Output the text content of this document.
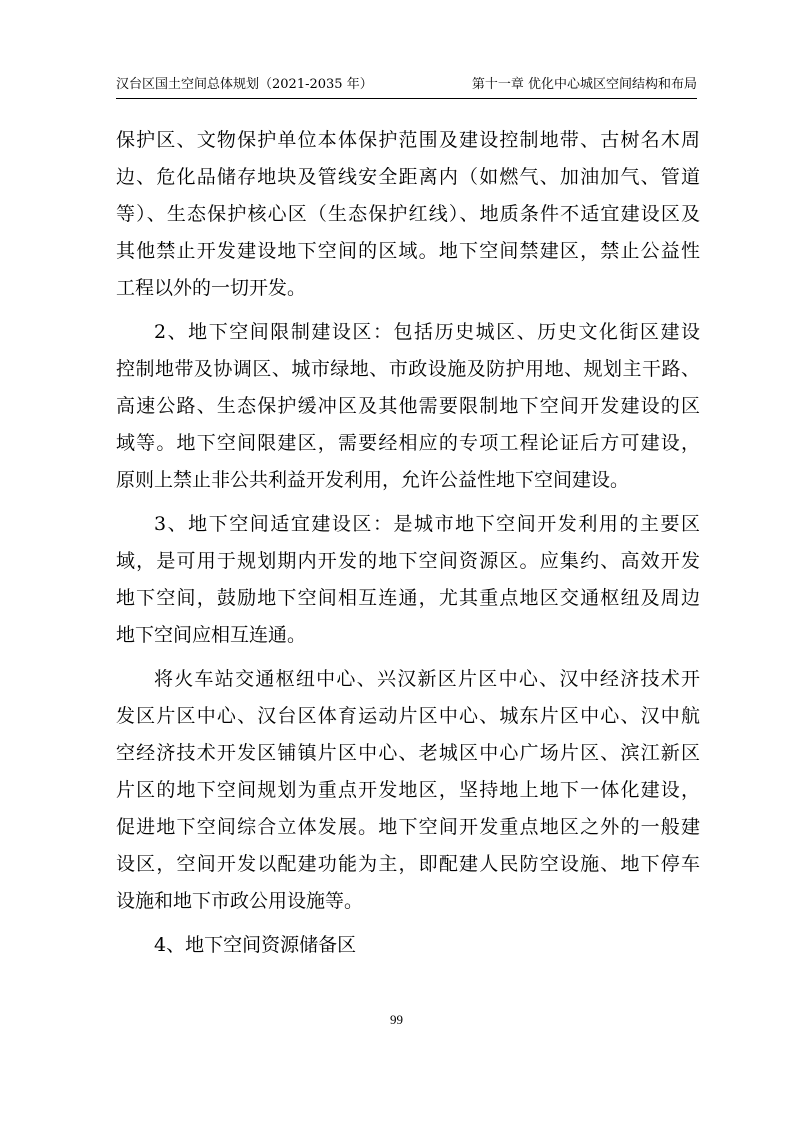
汉台区国土空间总体规划（2021-2035 年）	第十一章 优化中心城区空间结构和布局
保护区、文物保护单位本体保护范围及建设控制地带、古树名木周
边、危化品储存地块及管线安全距离内（如燃气、加油加气、管道
等）、生态保护核心区（生态保护红线）、地质条件不适宜建设区及
其他禁止开发建设地下空间的区域。地下空间禁建区，禁止公益性
工程以外的一切开发。
2、地下空间限制建设区：包括历史城区、历史文化街区建设
控制地带及协调区、城市绿地、市政设施及防护用地、规划主干路、
高速公路、生态保护缓冲区及其他需要限制地下空间开发建设的区
域等。地下空间限建区，需要经相应的专项工程论证后方可建设，
原则上禁止非公共利益开发利用，允许公益性地下空间建设。
3、地下空间适宜建设区：是城市地下空间开发利用的主要区
域，是可用于规划期内开发的地下空间资源区。应集约、高效开发
地下空间，鼓励地下空间相互连通，尤其重点地区交通枢纽及周边
地下空间应相互连通。
将火车站交通枢纽中心、兴汉新区片区中心、汉中经济技术开
发区片区中心、汉台区体育运动片区中心、城东片区中心、汉中航
空经济技术开发区铺镇片区中心、老城区中心广场片区、滨江新区
片区的地下空间规划为重点开发地区，坚持地上地下一体化建设，
促进地下空间综合立体发展。地下空间开发重点地区之外的一般建
设区，空间开发以配建功能为主，即配建人民防空设施、地下停车
设施和地下市政公用设施等。
4、地下空间资源储备区
99
